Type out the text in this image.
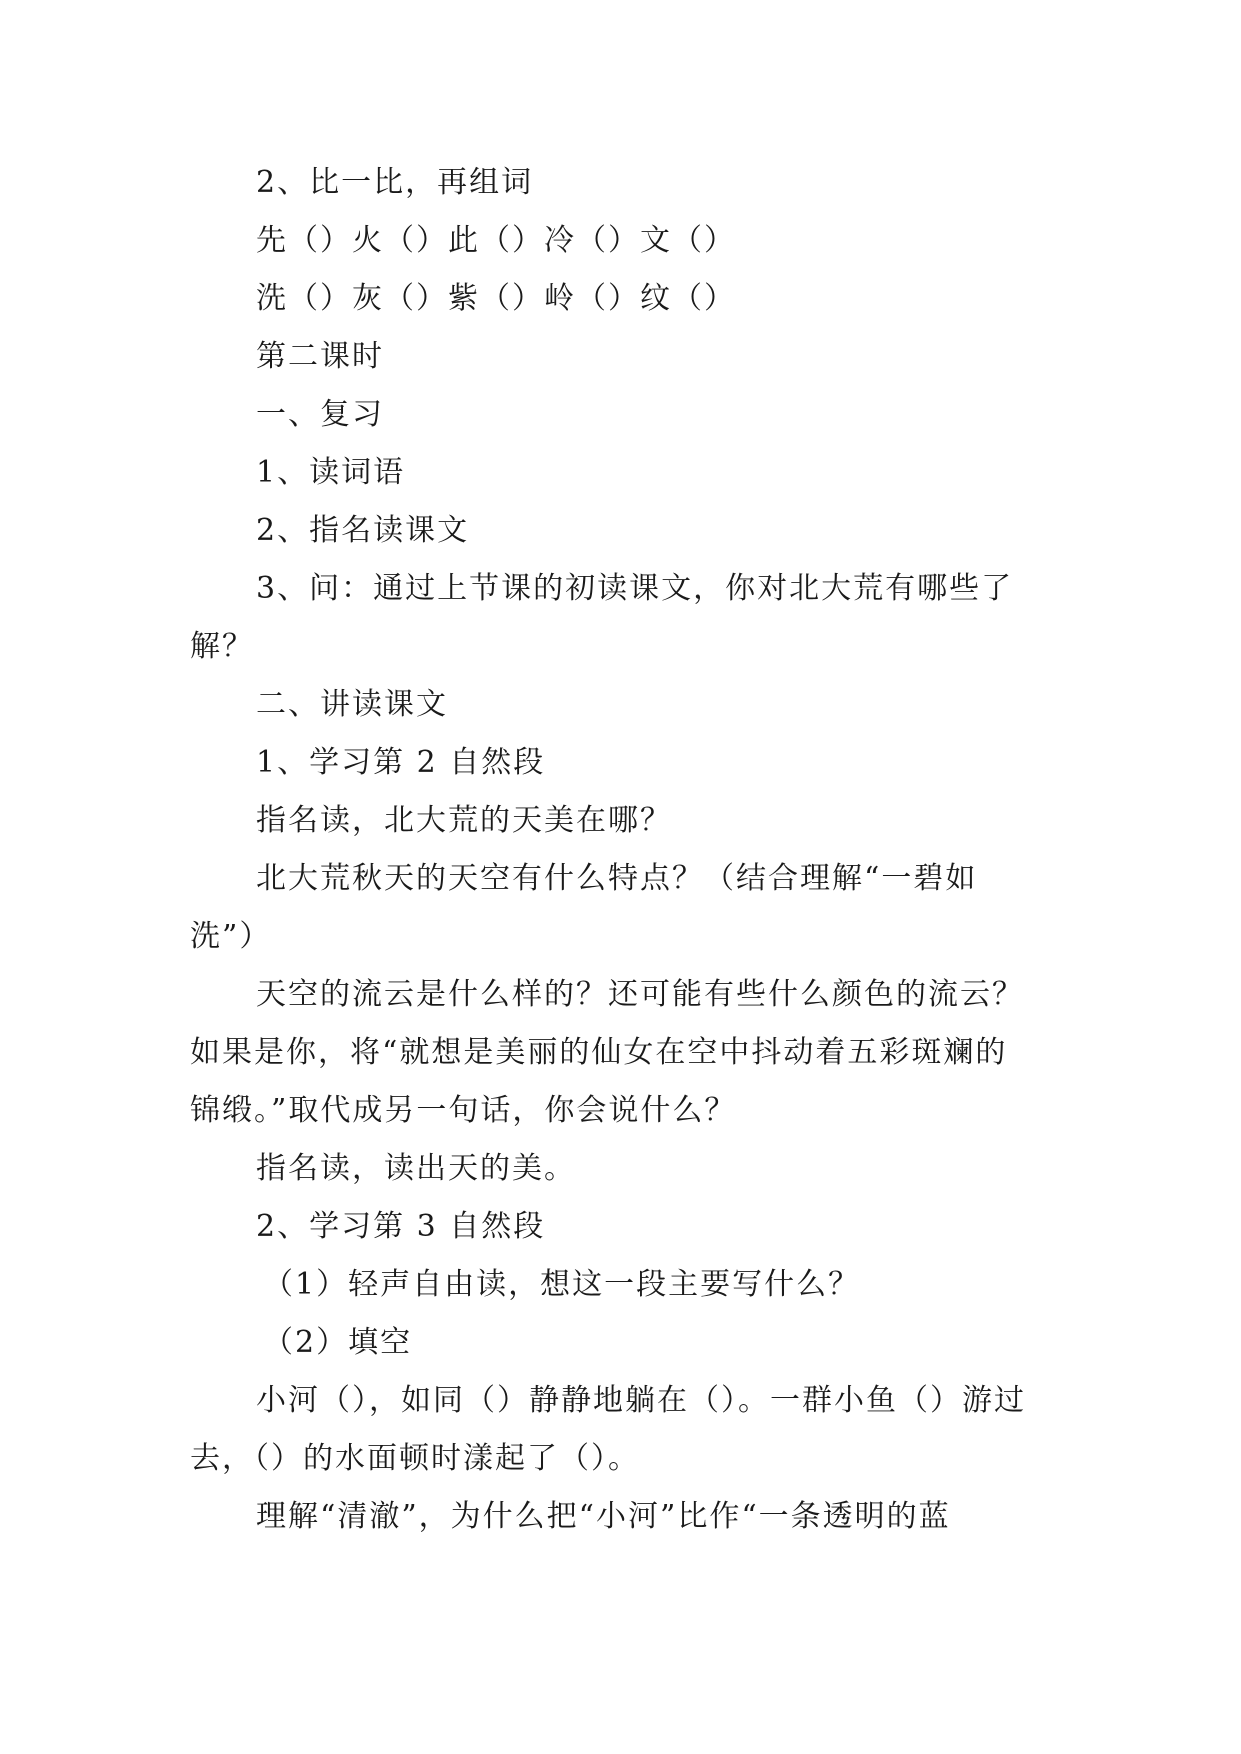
2、比一比，再组词
先（）火（）此（）冷（）文（）
洗（）灰（）紫（）岭（）纹（）
第二课时
一、复习
1、读词语
2、指名读课文
3、问：通过上节课的初读课文，你对北大荒有哪些了
解？
二、讲读课文
1、学习第 2 自然段
指名读，北大荒的天美在哪？
北大荒秋天的天空有什么特点？（结合理解“一碧如
洗”）
天空的流云是什么样的？还可能有些什么颜色的流云？
如果是你，将“就想是美丽的仙女在空中抖动着五彩斑斓的
锦缎。”取代成另一句话，你会说什么？
指名读，读出天的美。
2、学习第 3 自然段
（1）轻声自由读，想这一段主要写什么？
（2）填空
小河（），如同（）静静地躺在（）。一群小鱼（）游过
去，（）的水面顿时漾起了（）。
理解“清澈”，为什么把“小河”比作“一条透明的蓝
